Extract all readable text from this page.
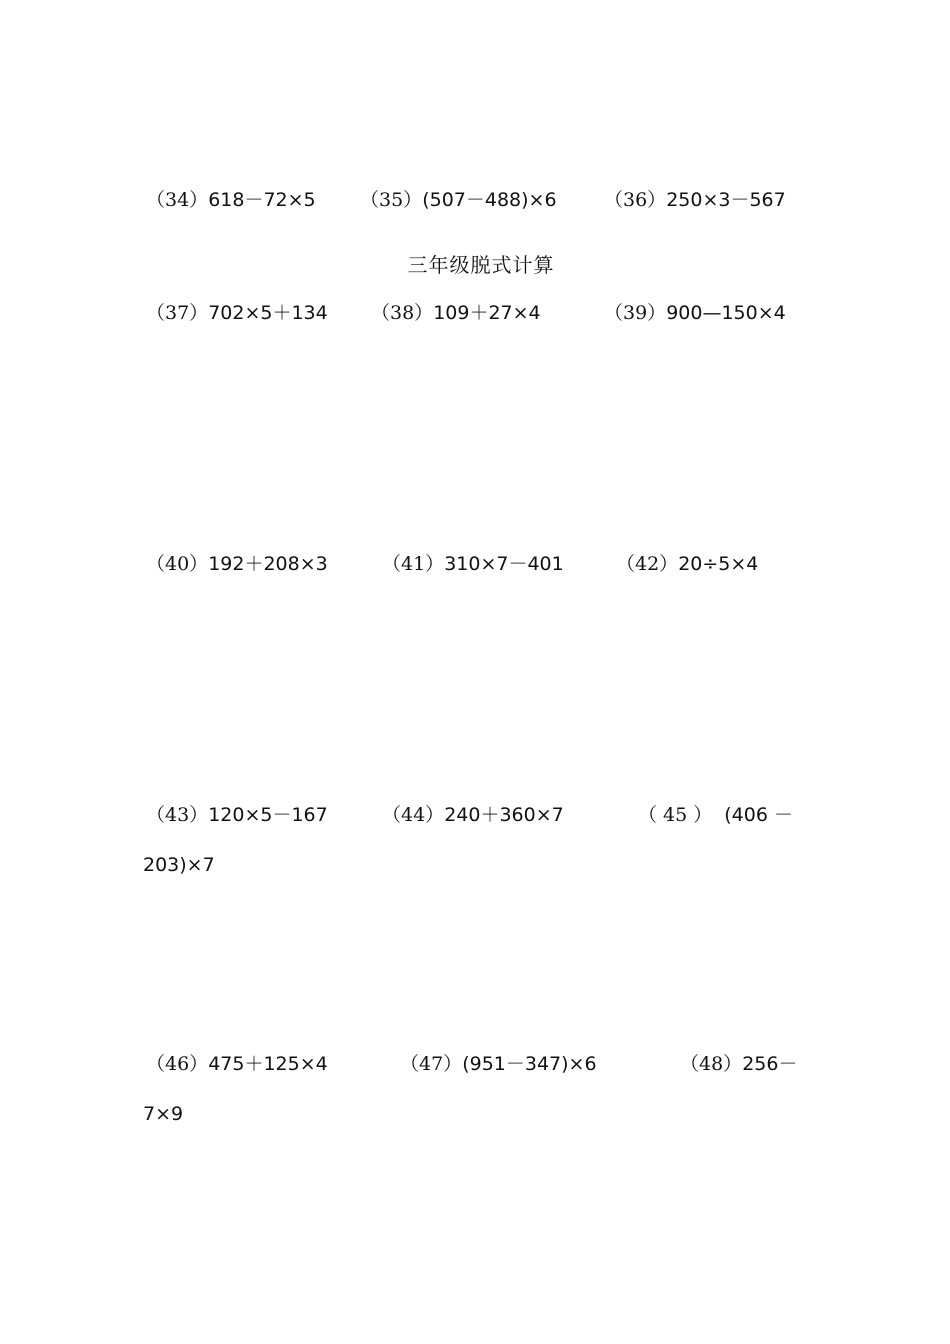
（34）618－72×5 （35）(507－488)×6 （36）250×3－567
三年级脱式计算
（37）702×5＋134 （38）109＋27×4	（39）900—150×4
（40）192＋208×3	（41）310×7－401	（42）20÷5×4
（43）120×5－167	（44）240＋360×7	（ 45 ） (406 －
203)×7
（46）475＋125×4	（47）(951－347)×6	（48）256－
7×9
